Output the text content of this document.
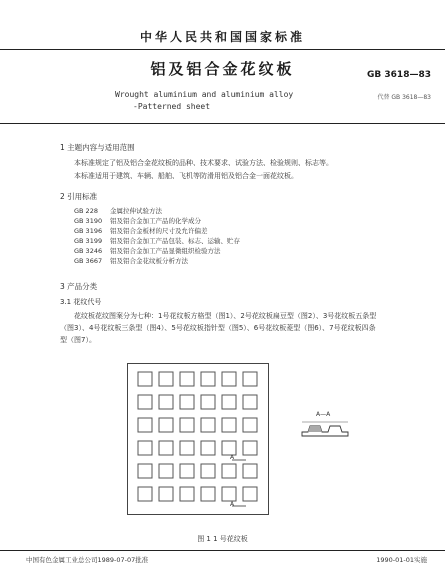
中华人民共和国国家标准
铝及铝合金花纹板	GB 3618—83
Wrought aluminium and aluminium alloy
-Patterned sheet
代替 GB 3618—83
1 主题内容与适用范围
本标准规定了铝及铝合金花纹板的品种、技术要求、试验方法、检验规则、标志等。
本标准适用于建筑、车辆、船舶、飞机等防滑用铝及铝合金一面花纹板。
2 引用标准
GB 228 金属拉伸试验方法
GB 3190 铝及铝合金加工产品的化学成分
GB 3196 铝及铝合金板材的尺寸及允许偏差
GB 3199 铝及铝合金加工产品包装、标志、运输、贮存
GB 3246 铝及铝合金加工产品显微组织检验方法
GB 3667 铝及铝合金花纹板分析方法
3 产品分类
3.1 花纹代号
花纹板花纹图案分为七种：1号花纹板方格型（图1）、2号花纹板扁豆型（图2）、3号花纹板五条型（图3）、4号花纹板三条型（图4）、5号花纹板指针型（图5）、6号花纹板菱型（图6）、7号花纹板四条型（图7）。
A
A
A—A
图 1 1 号花纹板
中国有色金属工业总公司1989-07-07批准	1990-01-01实施
